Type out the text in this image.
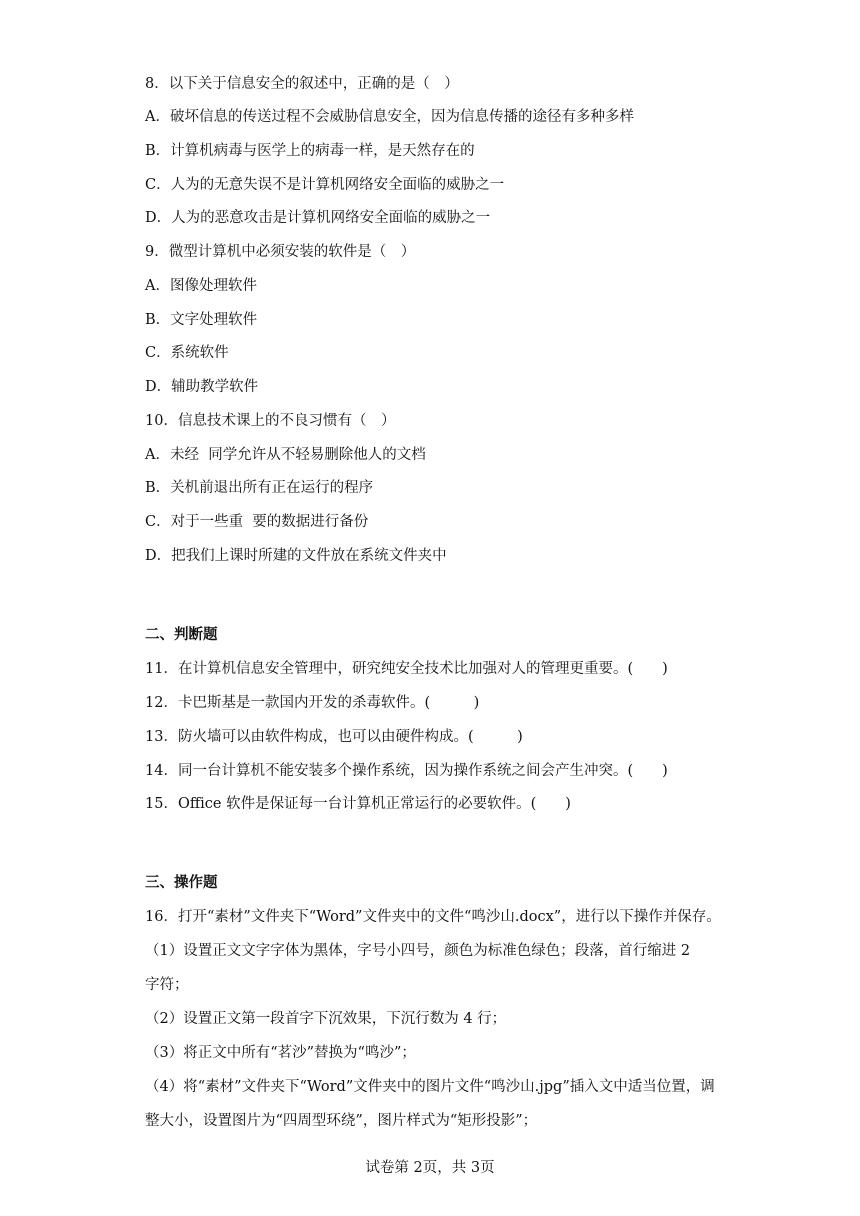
8．以下关于信息安全的叙述中，正确的是（　）
A．破坏信息的传送过程不会威胁信息安全，因为信息传播的途径有多种多样
B．计算机病毒与医学上的病毒一样，是天然存在的
C．人为的无意失误不是计算机网络安全面临的威胁之一
D．人为的恶意攻击是计算机网络安全面临的威胁之一
9．微型计算机中必须安装的软件是（　）
A．图像处理软件
B．文字处理软件
C．系统软件
D．辅助教学软件
10．信息技术课上的不良习惯有（　）
A．未经  同学允许从不轻易删除他人的文档
B．关机前退出所有正在运行的程序
C．对于一些重  要的数据进行备份
D．把我们上课时所建的文件放在系统文件夹中
二、判断题
11．在计算机信息安全管理中，研究纯安全技术比加强对人的管理更重要。(　　)
12．卡巴斯基是一款国内开发的杀毒软件。(　　　)
13．防火墙可以由软件构成，也可以由硬件构成。(　　　)
14．同一台计算机不能安装多个操作系统，因为操作系统之间会产生冲突。(　　)
15．Office 软件是保证每一台计算机正常运行的必要软件。(　　)
三、操作题
16．打开“素材”文件夹下“Word”文件夹中的文件“鸣沙山.docx”，进行以下操作并保存。
（1）设置正文文字字体为黑体，字号小四号，颜色为标准色绿色；段落，首行缩进 2
字符；
（2）设置正文第一段首字下沉效果，下沉行数为 4 行；
（3）将正文中所有“茗沙”替换为“鸣沙”；
（4）将“素材”文件夹下“Word”文件夹中的图片文件“鸣沙山.jpg”插入文中适当位置，调
整大小，设置图片为“四周型环绕”，图片样式为“矩形投影”；
试卷第 2页，共 3页
